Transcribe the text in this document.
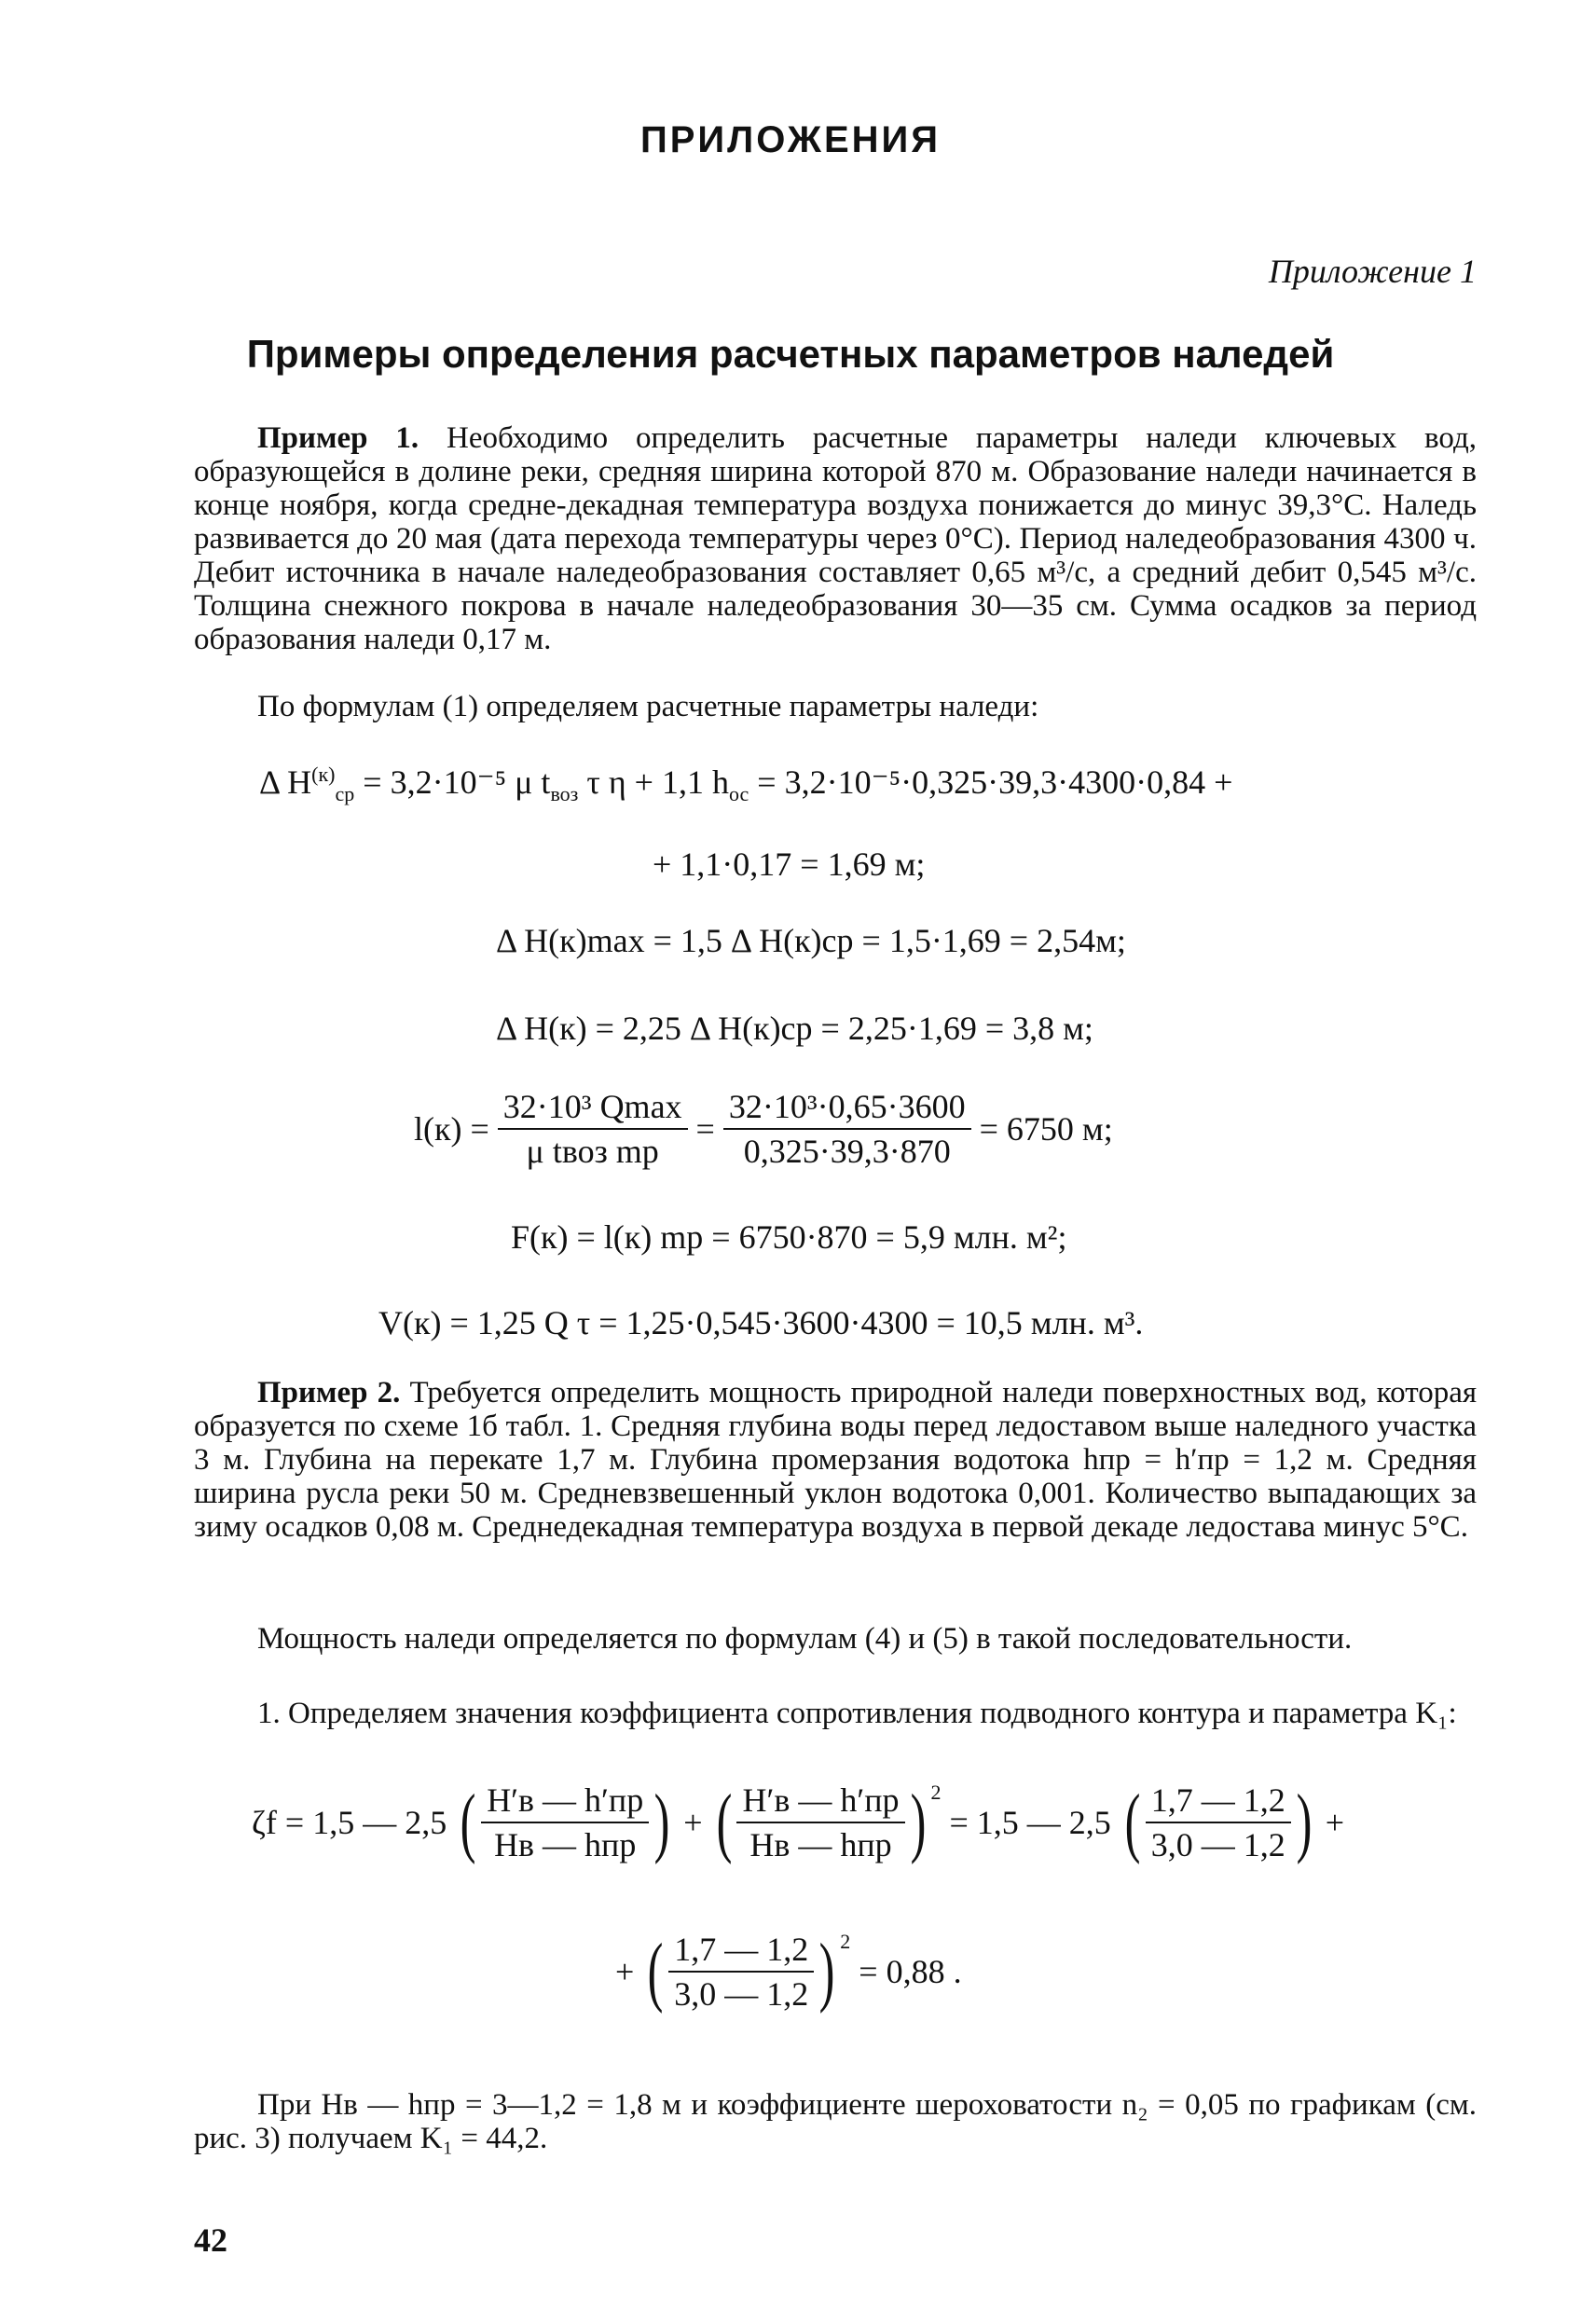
ПРИЛОЖЕНИЯ
Приложение 1
Примеры определения расчетных параметров наледей
Пример 1. Необходимо определить расчетные параметры наледи ключевых вод, образующейся в долине реки, средняя ширина которой 870 м. Образование наледи начинается в конце ноября, когда средне-декадная температура воздуха понижается до минус 39,3°С. Наледь развивается до 20 мая (дата перехода температуры через 0°С). Период наледеобразования 4300 ч. Дебит источника в начале наледеобразования составляет 0,65 м³/с, а средний дебит 0,545 м³/с. Толщина снежного покрова в начале наледеобразования 30—35 см. Сумма осадков за период образования наледи 0,17 м.
По формулам (1) определяем расчетные параметры наледи:
Δ $H^{(к)}_{ср} = 3,2\cdot 10^{-5}$ μ $t_{воз}$ τ η + 1,1 $h_{ос} = 3,2\cdot 10^{-5}\cdot 0,325\cdot 39,3\cdot 4300\cdot 0,84$ +
+ 1,1·0,17 = 1,69 м;
Δ H(к)max = 1,5 Δ H(к)ср = 1,5·1,69 = 2,54м;
Δ H(к) = 2,25 Δ H(к)ср = 2,25·1,69 = 3,8 м;
$l(к) = \frac{\text{32·10³ Qmax}}{\text{μ tвоз mр}} = \frac{\text{32·10³·0,65·3600}}{0,325\cdot 39,3\cdot 870} = 6750$ м;
F(к) = l(к) mр = 6750·870 = 5,9 млн. м²;
V(к) = 1,25 Q τ = 1,25·0,545·3600·4300 = 10,5 млн. м³.
Пример 2. Требуется определить мощность природной наледи поверхностных вод, которая образуется по схеме 1б табл. 1. Средняя глубина воды перед ледоставом выше наледного участка 3 м. Глубина на перекате 1,7 м. Глубина промерзания водотока hпр = h′пр = 1,2 м. Средняя ширина русла реки 50 м. Средневзвешенный уклон водотока 0,001. Количество выпадающих за зиму осадков 0,08 м. Среднедекадная температура воздуха в первой декаде ледостава минус 5°С.
Мощность наледи определяется по формулам (4) и (5) в такой последовательности.
1. Определяем значения коэффициента сопротивления подводного контура и параметра K₁:
ζf = 1,5 — 2,5 ( $\frac{H'в — h'пр}{\text{Hв — hпр}}$ ) + ( $\frac{H'в — h'пр}{\text{Hв — hпр}}$ ) $^2$ = 1,5 — 2,5 ( $\frac{1,7 — 1,2}{3,0 — 1,2}$ ) +
+ ( $\frac{1,7 — 1,2}{3,0 — 1,2}$ ) $^2$ = 0,88 .
При Hв — hпр = 3—1,2 = 1,8 м и коэффициенте шероховатости n₂ = 0,05 по графикам (см. рис. 3) получаем K₁ = 44,2.
42
